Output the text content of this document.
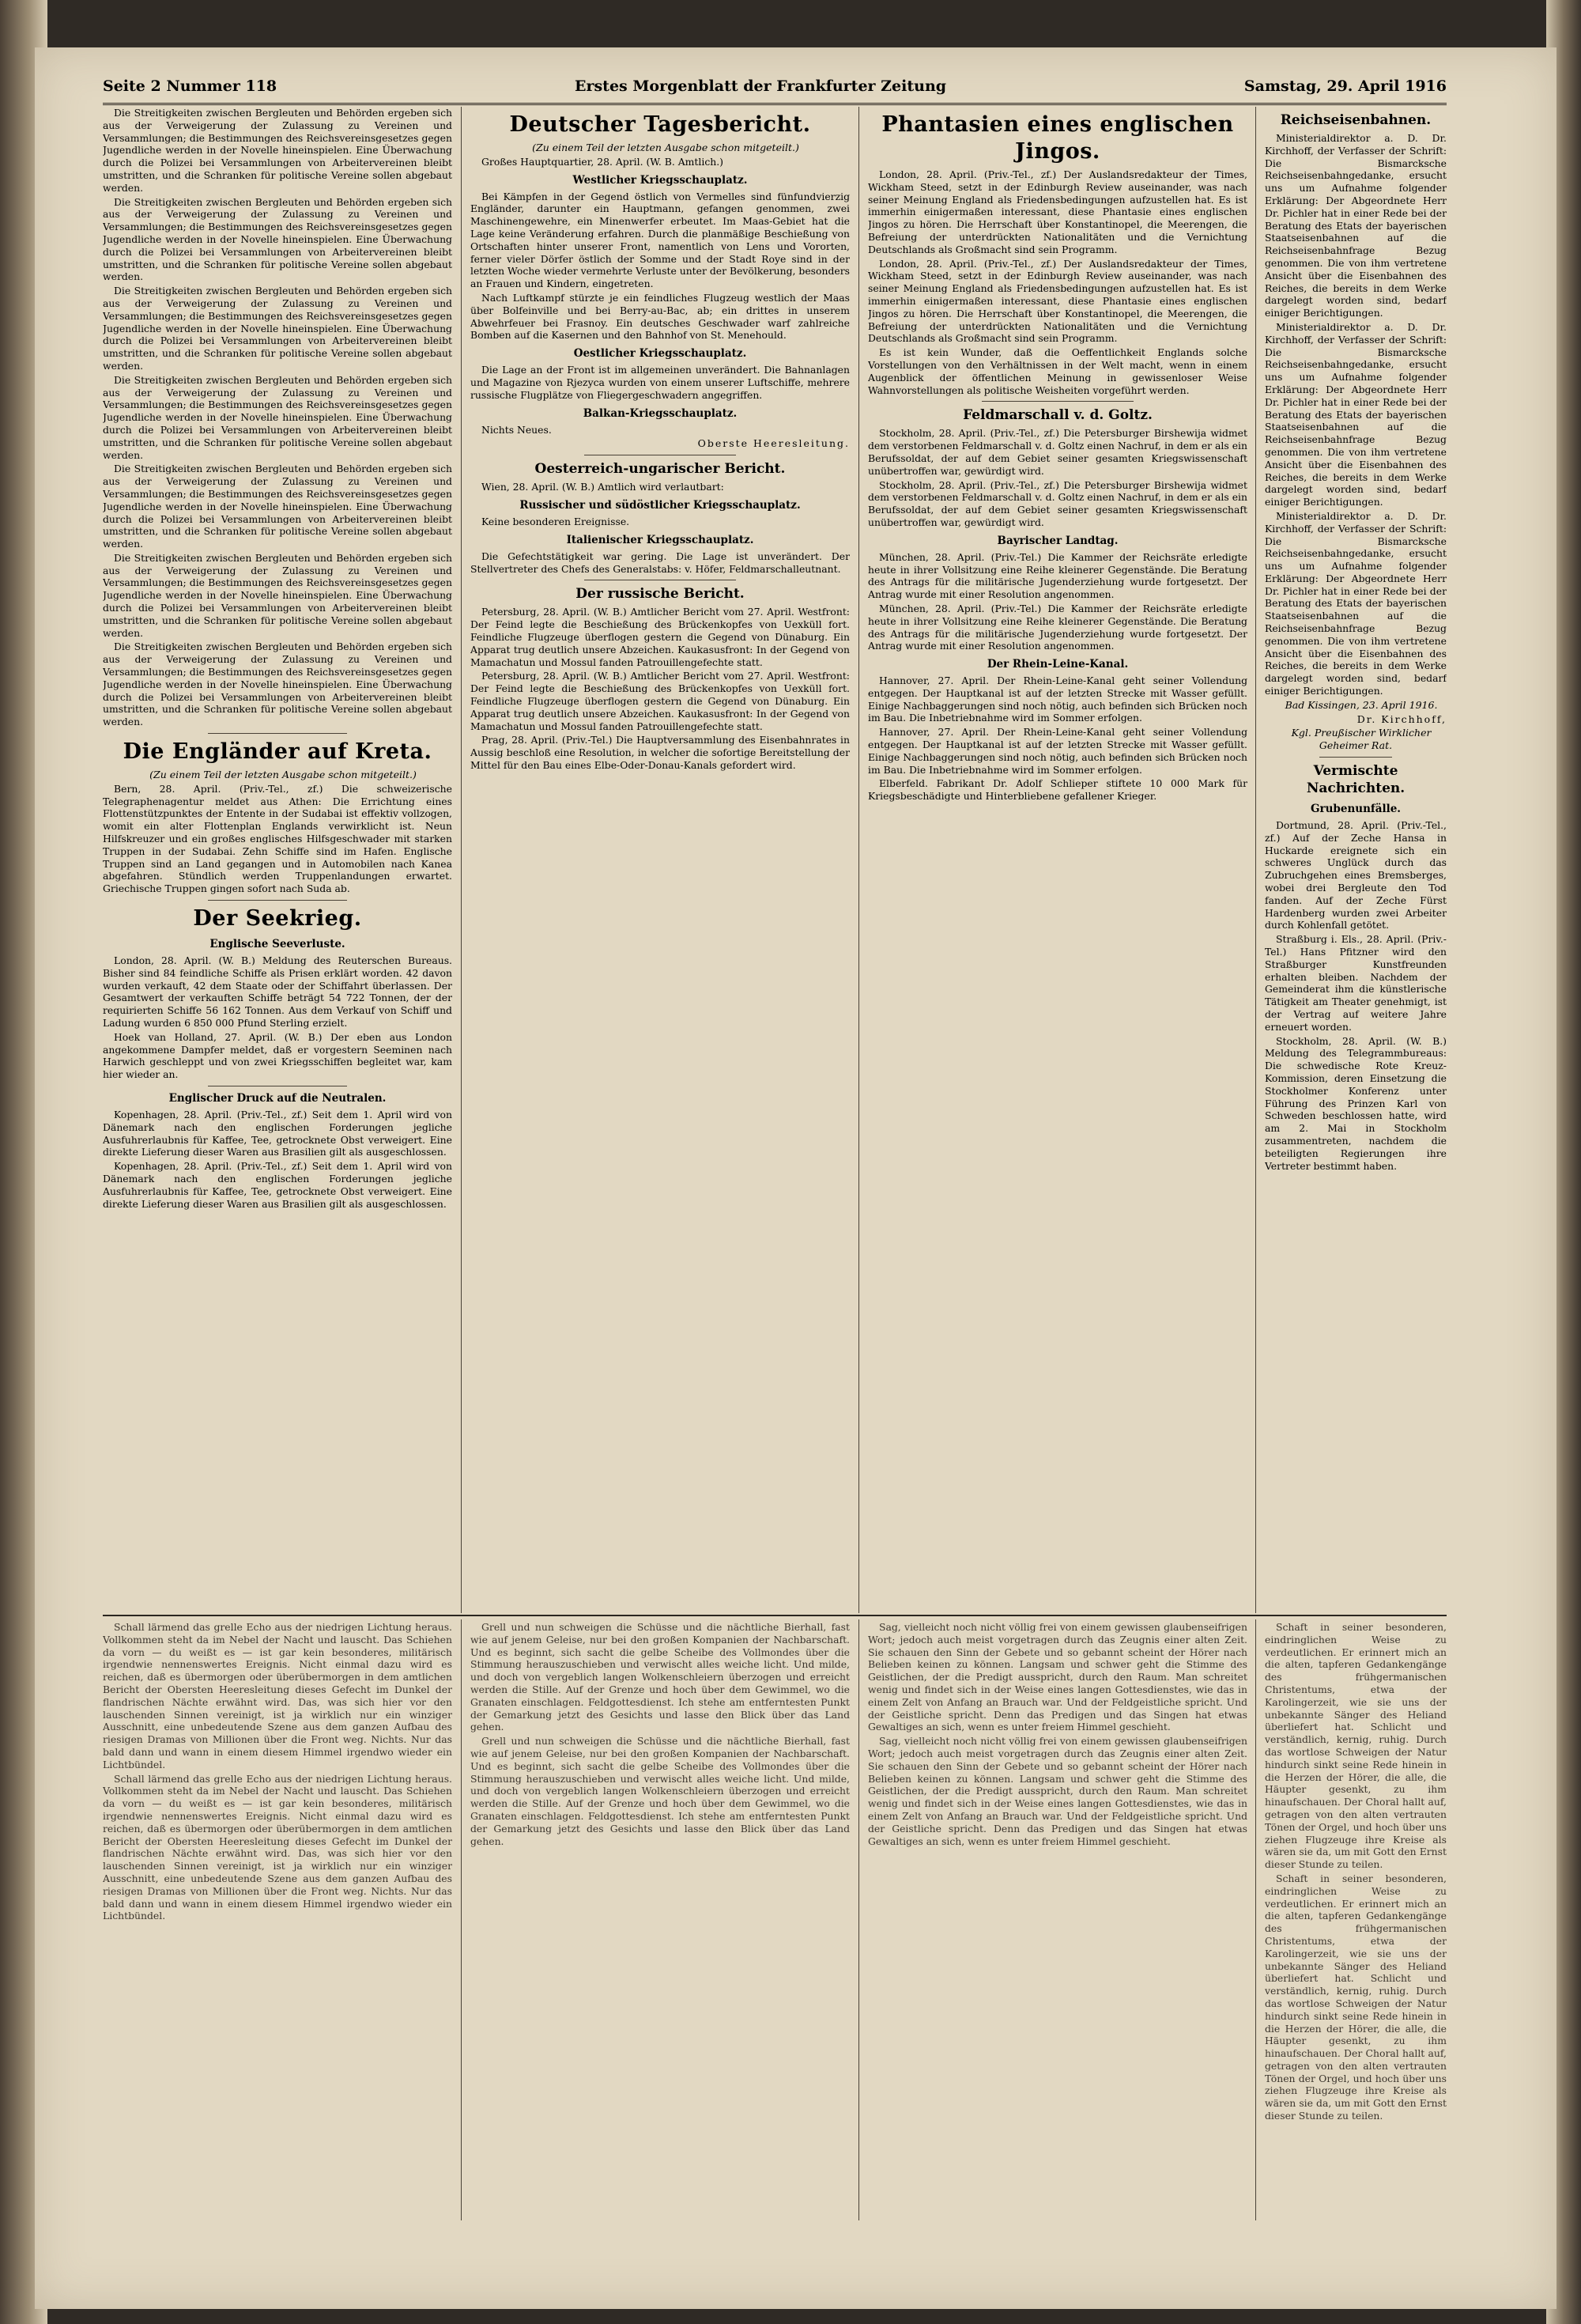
Seite 2 Nummer 118	Erstes Morgenblatt der Frankfurter Zeitung	Samstag, 29. April 1916

Die Streitigkeiten zwischen Bergleuten und Behörden ergeben sich aus der Verweigerung der Zulassung zu Vereinen und Versammlungen; die Bestimmungen des Reichsvereinsgesetzes gegen Jugendliche werden in der Novelle hineinspielen. Eine Überwachung durch die Polizei bei Versammlungen von Arbeitervereinen bleibt umstritten, und die Schranken für politische Vereine sollen abgebaut werden.

Die Streitigkeiten zwischen Bergleuten und Behörden ergeben sich aus der Verweigerung der Zulassung zu Vereinen und Versammlungen; die Bestimmungen des Reichsvereinsgesetzes gegen Jugendliche werden in der Novelle hineinspielen. Eine Überwachung durch die Polizei bei Versammlungen von Arbeitervereinen bleibt umstritten, und die Schranken für politische Vereine sollen abgebaut werden.

Die Streitigkeiten zwischen Bergleuten und Behörden ergeben sich aus der Verweigerung der Zulassung zu Vereinen und Versammlungen; die Bestimmungen des Reichsvereinsgesetzes gegen Jugendliche werden in der Novelle hineinspielen. Eine Überwachung durch die Polizei bei Versammlungen von Arbeitervereinen bleibt umstritten, und die Schranken für politische Vereine sollen abgebaut werden.

Die Streitigkeiten zwischen Bergleuten und Behörden ergeben sich aus der Verweigerung der Zulassung zu Vereinen und Versammlungen; die Bestimmungen des Reichsvereinsgesetzes gegen Jugendliche werden in der Novelle hineinspielen. Eine Überwachung durch die Polizei bei Versammlungen von Arbeitervereinen bleibt umstritten, und die Schranken für politische Vereine sollen abgebaut werden.

Die Streitigkeiten zwischen Bergleuten und Behörden ergeben sich aus der Verweigerung der Zulassung zu Vereinen und Versammlungen; die Bestimmungen des Reichsvereinsgesetzes gegen Jugendliche werden in der Novelle hineinspielen. Eine Überwachung durch die Polizei bei Versammlungen von Arbeitervereinen bleibt umstritten, und die Schranken für politische Vereine sollen abgebaut werden.

Die Streitigkeiten zwischen Bergleuten und Behörden ergeben sich aus der Verweigerung der Zulassung zu Vereinen und Versammlungen; die Bestimmungen des Reichsvereinsgesetzes gegen Jugendliche werden in der Novelle hineinspielen. Eine Überwachung durch die Polizei bei Versammlungen von Arbeitervereinen bleibt umstritten, und die Schranken für politische Vereine sollen abgebaut werden.

Die Streitigkeiten zwischen Bergleuten und Behörden ergeben sich aus der Verweigerung der Zulassung zu Vereinen und Versammlungen; die Bestimmungen des Reichsvereinsgesetzes gegen Jugendliche werden in der Novelle hineinspielen. Eine Überwachung durch die Polizei bei Versammlungen von Arbeitervereinen bleibt umstritten, und die Schranken für politische Vereine sollen abgebaut werden.

Die Engländer auf Kreta.

(Zu einem Teil der letzten Ausgabe schon mitgeteilt.)

Bern, 28. April. (Priv.-Tel., zf.) Die schweizerische Telegraphenagentur meldet aus Athen: Die Errichtung eines Flottenstützpunktes der Entente in der Sudabai ist effektiv vollzogen, womit ein alter Flottenplan Englands verwirklicht ist. Neun Hilfskreuzer und ein großes englisches Hilfsgeschwader mit starken Truppen in der Sudabai. Zehn Schiffe sind im Hafen. Englische Truppen sind an Land gegangen und in Automobilen nach Kanea abgefahren. Stündlich werden Truppenlandungen erwartet. Griechische Truppen gingen sofort nach Suda ab.

Der Seekrieg.
Englische Seeverluste.

London, 28. April. (W. B.) Meldung des Reuterschen Bureaus. Bisher sind 84 feindliche Schiffe als Prisen erklärt worden. 42 davon wurden verkauft, 42 dem Staate oder der Schiffahrt überlassen. Der Gesamtwert der verkauften Schiffe beträgt 54 722 Tonnen, der der requirierten Schiffe 56 162 Tonnen. Aus dem Verkauf von Schiff und Ladung wurden 6 850 000 Pfund Sterling erzielt.

Hoek van Holland, 27. April. (W. B.) Der eben aus London angekommene Dampfer meldet, daß er vorgestern Seeminen nach Harwich geschleppt und von zwei Kriegsschiffen begleitet war, kam hier wieder an.

Englischer Druck auf die Neutralen.

Kopenhagen, 28. April. (Priv.-Tel., zf.) Seit dem 1. April wird von Dänemark nach den englischen Forderungen jegliche Ausfuhrerlaubnis für Kaffee, Tee, getrocknete Obst verweigert. Eine direkte Lieferung dieser Waren aus Brasilien gilt als ausgeschlossen.

Kopenhagen, 28. April. (Priv.-Tel., zf.) Seit dem 1. April wird von Dänemark nach den englischen Forderungen jegliche Ausfuhrerlaubnis für Kaffee, Tee, getrocknete Obst verweigert. Eine direkte Lieferung dieser Waren aus Brasilien gilt als ausgeschlossen.

Deutscher Tagesbericht.

(Zu einem Teil der letzten Ausgabe schon mitgeteilt.)

Großes Hauptquartier, 28. April. (W. B. Amtlich.)

Westlicher Kriegsschauplatz.

Bei Kämpfen in der Gegend östlich von Vermelles sind fünfundvierzig Engländer, darunter ein Hauptmann, gefangen genommen, zwei Maschinengewehre, ein Minenwerfer erbeutet. Im Maas-Gebiet hat die Lage keine Veränderung erfahren. Durch die planmäßige Beschießung von Ortschaften hinter unserer Front, namentlich von Lens und Vororten, ferner vieler Dörfer östlich der Somme und der Stadt Roye sind in der letzten Woche wieder vermehrte Verluste unter der Bevölkerung, besonders an Frauen und Kindern, eingetreten.

Nach Luftkampf stürzte je ein feindliches Flugzeug westlich der Maas über Bolfeinville und bei Berry-au-Bac, ab; ein drittes in unserem Abwehrfeuer bei Frasnoy. Ein deutsches Geschwader warf zahlreiche Bomben auf die Kasernen und den Bahnhof von St. Menehould.

Oestlicher Kriegsschauplatz.

Die Lage an der Front ist im allgemeinen unverändert. Die Bahnanlagen und Magazine von Rjezyca wurden von einem unserer Luftschiffe, mehrere russische Flugplätze von Fliegergeschwadern angegriffen.

Balkan-Kriegsschauplatz.

Nichts Neues.

Oberste Heeresleitung.

Oesterreich-ungarischer Bericht.

Wien, 28. April. (W. B.) Amtlich wird verlautbart:

Russischer und südöstlicher Kriegsschauplatz.

Keine besonderen Ereignisse.

Italienischer Kriegsschauplatz.

Die Gefechtstätigkeit war gering. Die Lage ist unverändert. Der Stellvertreter des Chefs des Generalstabs: v. Höfer, Feldmarschalleutnant.

Der russische Bericht.

Petersburg, 28. April. (W. B.) Amtlicher Bericht vom 27. April. Westfront: Der Feind legte die Beschießung des Brückenkopfes von Uexküll fort. Feindliche Flugzeuge überflogen gestern die Gegend von Dünaburg. Ein Apparat trug deutlich unsere Abzeichen. Kaukasusfront: In der Gegend von Mamachatun und Mossul fanden Patrouillengefechte statt.

Petersburg, 28. April. (W. B.) Amtlicher Bericht vom 27. April. Westfront: Der Feind legte die Beschießung des Brückenkopfes von Uexküll fort. Feindliche Flugzeuge überflogen gestern die Gegend von Dünaburg. Ein Apparat trug deutlich unsere Abzeichen. Kaukasusfront: In der Gegend von Mamachatun und Mossul fanden Patrouillengefechte statt.

Prag, 28. April. (Priv.-Tel.) Die Hauptversammlung des Eisenbahnrates in Aussig beschloß eine Resolution, in welcher die sofortige Bereitstellung der Mittel für den Bau eines Elbe-Oder-Donau-Kanals gefordert wird.

Phantasien eines englischen Jingos.

London, 28. April. (Priv.-Tel., zf.) Der Auslandsredakteur der Times, Wickham Steed, setzt in der Edinburgh Review auseinander, was nach seiner Meinung England als Friedensbedingungen aufzustellen hat. Es ist immerhin einigermaßen interessant, diese Phantasie eines englischen Jingos zu hören. Die Herrschaft über Konstantinopel, die Meerengen, die Befreiung der unterdrückten Nationalitäten und die Vernichtung Deutschlands als Großmacht sind sein Programm.

London, 28. April. (Priv.-Tel., zf.) Der Auslandsredakteur der Times, Wickham Steed, setzt in der Edinburgh Review auseinander, was nach seiner Meinung England als Friedensbedingungen aufzustellen hat. Es ist immerhin einigermaßen interessant, diese Phantasie eines englischen Jingos zu hören. Die Herrschaft über Konstantinopel, die Meerengen, die Befreiung der unterdrückten Nationalitäten und die Vernichtung Deutschlands als Großmacht sind sein Programm.

Es ist kein Wunder, daß die Oeffentlichkeit Englands solche Vorstellungen von den Verhältnissen in der Welt macht, wenn in einem Augenblick der öffentlichen Meinung in gewissenloser Weise Wahnvorstellungen als politische Weisheiten vorgeführt werden.

Feldmarschall v. d. Goltz.

Stockholm, 28. April. (Priv.-Tel., zf.) Die Petersburger Birshewija widmet dem verstorbenen Feldmarschall v. d. Goltz einen Nachruf, in dem er als ein Berufssoldat, der auf dem Gebiet seiner gesamten Kriegswissenschaft unübertroffen war, gewürdigt wird.

Stockholm, 28. April. (Priv.-Tel., zf.) Die Petersburger Birshewija widmet dem verstorbenen Feldmarschall v. d. Goltz einen Nachruf, in dem er als ein Berufssoldat, der auf dem Gebiet seiner gesamten Kriegswissenschaft unübertroffen war, gewürdigt wird.

Bayrischer Landtag.

München, 28. April. (Priv.-Tel.) Die Kammer der Reichsräte erledigte heute in ihrer Vollsitzung eine Reihe kleinerer Gegenstände. Die Beratung des Antrags für die militärische Jugenderziehung wurde fortgesetzt. Der Antrag wurde mit einer Resolution angenommen.

München, 28. April. (Priv.-Tel.) Die Kammer der Reichsräte erledigte heute in ihrer Vollsitzung eine Reihe kleinerer Gegenstände. Die Beratung des Antrags für die militärische Jugenderziehung wurde fortgesetzt. Der Antrag wurde mit einer Resolution angenommen.

Der Rhein-Leine-Kanal.

Hannover, 27. April. Der Rhein-Leine-Kanal geht seiner Vollendung entgegen. Der Hauptkanal ist auf der letzten Strecke mit Wasser gefüllt. Einige Nachbaggerungen sind noch nötig, auch befinden sich Brücken noch im Bau. Die Inbetriebnahme wird im Sommer erfolgen.

Hannover, 27. April. Der Rhein-Leine-Kanal geht seiner Vollendung entgegen. Der Hauptkanal ist auf der letzten Strecke mit Wasser gefüllt. Einige Nachbaggerungen sind noch nötig, auch befinden sich Brücken noch im Bau. Die Inbetriebnahme wird im Sommer erfolgen.

Elberfeld. Fabrikant Dr. Adolf Schlieper stiftete 10 000 Mark für Kriegsbeschädigte und Hinterbliebene gefallener Krieger.

Reichseisenbahnen.

Ministerialdirektor a. D. Dr. Kirchhoff, der Verfasser der Schrift: Die Bismarcksche Reichseisenbahngedanke, ersucht uns um Aufnahme folgender Erklärung: Der Abgeordnete Herr Dr. Pichler hat in einer Rede bei der Beratung des Etats der bayerischen Staatseisenbahnen auf die Reichseisenbahnfrage Bezug genommen. Die von ihm vertretene Ansicht über die Eisenbahnen des Reiches, die bereits in dem Werke dargelegt worden sind, bedarf einiger Berichtigungen.

Ministerialdirektor a. D. Dr. Kirchhoff, der Verfasser der Schrift: Die Bismarcksche Reichseisenbahngedanke, ersucht uns um Aufnahme folgender Erklärung: Der Abgeordnete Herr Dr. Pichler hat in einer Rede bei der Beratung des Etats der bayerischen Staatseisenbahnen auf die Reichseisenbahnfrage Bezug genommen. Die von ihm vertretene Ansicht über die Eisenbahnen des Reiches, die bereits in dem Werke dargelegt worden sind, bedarf einiger Berichtigungen.

Ministerialdirektor a. D. Dr. Kirchhoff, der Verfasser der Schrift: Die Bismarcksche Reichseisenbahngedanke, ersucht uns um Aufnahme folgender Erklärung: Der Abgeordnete Herr Dr. Pichler hat in einer Rede bei der Beratung des Etats der bayerischen Staatseisenbahnen auf die Reichseisenbahnfrage Bezug genommen. Die von ihm vertretene Ansicht über die Eisenbahnen des Reiches, die bereits in dem Werke dargelegt worden sind, bedarf einiger Berichtigungen.

Bad Kissingen, 23. April 1916.

Dr. Kirchhoff,

Kgl. Preußischer Wirklicher Geheimer Rat.

Vermischte Nachrichten.
Grubenunfälle.

Dortmund, 28. April. (Priv.-Tel., zf.) Auf der Zeche Hansa in Huckarde ereignete sich ein schweres Unglück durch das Zubruchgehen eines Bremsberges, wobei drei Bergleute den Tod fanden. Auf der Zeche Fürst Hardenberg wurden zwei Arbeiter durch Kohlenfall getötet.

Straßburg i. Els., 28. April. (Priv.-Tel.) Hans Pfitzner wird den Straßburger Kunstfreunden erhalten bleiben. Nachdem der Gemeinderat ihm die künstlerische Tätigkeit am Theater genehmigt, ist der Vertrag auf weitere Jahre erneuert worden.

Stockholm, 28. April. (W. B.) Meldung des Telegrammbureaus: Die schwedische Rote Kreuz-Kommission, deren Einsetzung die Stockholmer Konferenz unter Führung des Prinzen Karl von Schweden beschlossen hatte, wird am 2. Mai in Stockholm zusammentreten, nachdem die beteiligten Regierungen ihre Vertreter bestimmt haben.

Schall lärmend das grelle Echo aus der niedrigen Lichtung heraus. Vollkommen steht da im Nebel der Nacht und lauscht. Das Schiehen da vorn — du weißt es — ist gar kein besonderes, militärisch irgendwie nennenswertes Ereignis. Nicht einmal dazu wird es reichen, daß es übermorgen oder überübermorgen in dem amtlichen Bericht der Obersten Heeresleitung dieses Gefecht im Dunkel der flandrischen Nächte erwähnt wird. Das, was sich hier vor den lauschenden Sinnen vereinigt, ist ja wirklich nur ein winziger Ausschnitt, eine unbedeutende Szene aus dem ganzen Aufbau des riesigen Dramas von Millionen über die Front weg. Nichts. Nur das bald dann und wann in einem diesem Himmel irgendwo wieder ein Lichtbündel.

Schall lärmend das grelle Echo aus der niedrigen Lichtung heraus. Vollkommen steht da im Nebel der Nacht und lauscht. Das Schiehen da vorn — du weißt es — ist gar kein besonderes, militärisch irgendwie nennenswertes Ereignis. Nicht einmal dazu wird es reichen, daß es übermorgen oder überübermorgen in dem amtlichen Bericht der Obersten Heeresleitung dieses Gefecht im Dunkel der flandrischen Nächte erwähnt wird. Das, was sich hier vor den lauschenden Sinnen vereinigt, ist ja wirklich nur ein winziger Ausschnitt, eine unbedeutende Szene aus dem ganzen Aufbau des riesigen Dramas von Millionen über die Front weg. Nichts. Nur das bald dann und wann in einem diesem Himmel irgendwo wieder ein Lichtbündel.

Grell und nun schweigen die Schüsse und die nächtliche Bierhall, fast wie auf jenem Geleise, nur bei den großen Kompanien der Nachbarschaft. Und es beginnt, sich sacht die gelbe Scheibe des Vollmondes über die Stimmung herauszuschieben und verwischt alles weiche licht. Und milde, und doch von vergeblich langen Wolkenschleiern überzogen und erreicht werden die Stille. Auf der Grenze und hoch über dem Gewimmel, wo die Granaten einschlagen. Feldgottesdienst. Ich stehe am entferntesten Punkt der Gemarkung jetzt des Gesichts und lasse den Blick über das Land gehen.

Grell und nun schweigen die Schüsse und die nächtliche Bierhall, fast wie auf jenem Geleise, nur bei den großen Kompanien der Nachbarschaft. Und es beginnt, sich sacht die gelbe Scheibe des Vollmondes über die Stimmung herauszuschieben und verwischt alles weiche licht. Und milde, und doch von vergeblich langen Wolkenschleiern überzogen und erreicht werden die Stille. Auf der Grenze und hoch über dem Gewimmel, wo die Granaten einschlagen. Feldgottesdienst. Ich stehe am entferntesten Punkt der Gemarkung jetzt des Gesichts und lasse den Blick über das Land gehen.

Sag, vielleicht noch nicht völlig frei von einem gewissen glaubenseifrigen Wort; jedoch auch meist vorgetragen durch das Zeugnis einer alten Zeit. Sie schauen den Sinn der Gebete und so gebannt scheint der Hörer nach Belieben keinen zu können. Langsam und schwer geht die Stimme des Geistlichen, der die Predigt ausspricht, durch den Raum. Man schreitet wenig und findet sich in der Weise eines langen Gottesdienstes, wie das in einem Zelt von Anfang an Brauch war. Und der Feldgeistliche spricht. Und der Geistliche spricht. Denn das Predigen und das Singen hat etwas Gewaltiges an sich, wenn es unter freiem Himmel geschieht.

Sag, vielleicht noch nicht völlig frei von einem gewissen glaubenseifrigen Wort; jedoch auch meist vorgetragen durch das Zeugnis einer alten Zeit. Sie schauen den Sinn der Gebete und so gebannt scheint der Hörer nach Belieben keinen zu können. Langsam und schwer geht die Stimme des Geistlichen, der die Predigt ausspricht, durch den Raum. Man schreitet wenig und findet sich in der Weise eines langen Gottesdienstes, wie das in einem Zelt von Anfang an Brauch war. Und der Feldgeistliche spricht. Und der Geistliche spricht. Denn das Predigen und das Singen hat etwas Gewaltiges an sich, wenn es unter freiem Himmel geschieht.

Schaft in seiner besonderen, eindringlichen Weise zu verdeutlichen. Er erinnert mich an die alten, tapferen Gedankengänge des frühgermanischen Christentums, etwa der Karolingerzeit, wie sie uns der unbekannte Sänger des Heliand überliefert hat. Schlicht und verständlich, kernig, ruhig. Durch das wortlose Schweigen der Natur hindurch sinkt seine Rede hinein in die Herzen der Hörer, die alle, die Häupter gesenkt, zu ihm hinaufschauen. Der Choral hallt auf, getragen von den alten vertrauten Tönen der Orgel, und hoch über uns ziehen Flugzeuge ihre Kreise als wären sie da, um mit Gott den Ernst dieser Stunde zu teilen.

Schaft in seiner besonderen, eindringlichen Weise zu verdeutlichen. Er erinnert mich an die alten, tapferen Gedankengänge des frühgermanischen Christentums, etwa der Karolingerzeit, wie sie uns der unbekannte Sänger des Heliand überliefert hat. Schlicht und verständlich, kernig, ruhig. Durch das wortlose Schweigen der Natur hindurch sinkt seine Rede hinein in die Herzen der Hörer, die alle, die Häupter gesenkt, zu ihm hinaufschauen. Der Choral hallt auf, getragen von den alten vertrauten Tönen der Orgel, und hoch über uns ziehen Flugzeuge ihre Kreise als wären sie da, um mit Gott den Ernst dieser Stunde zu teilen.
